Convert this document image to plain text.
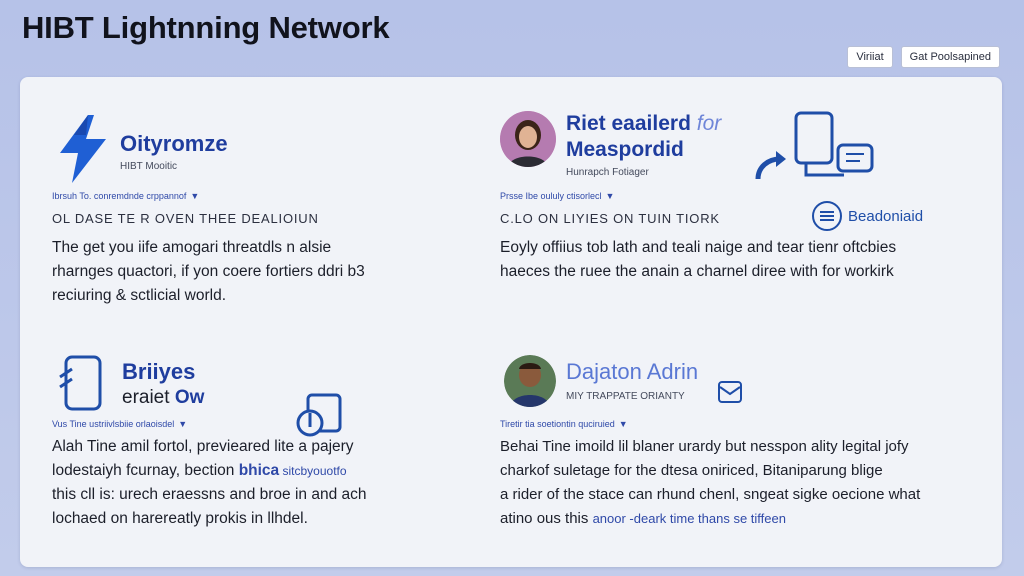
HIBT Lightnning Network
Viriiat	Gat Poolsapined
Oityromze
HIBT Mooitic
Ibrsuh To. conremdnde crppannof ▼
OL DASE TE R OVEN THEE DEALIOIUN
The get you iife amogari threatdls n alsie
rharnges quactori, if yon coere fortiers ddri b3
reciuring & sctlicial world.
Riet eaailerd for
Measpordid
Hunrapch Fotiager
Beadoniaid
Prsse Ibe oululy ctisorlecl ▼
C.LO ON LIYIES ON TUIN TIORK
Eoyly offiius tob lath and teali naige and tear tienr oftcbies
haeces the ruee the anain a charnel diree with for workirk
Briiyes
eraiet Ow
Vus Tine ustriivlsbiie orlaoisdel ▼
Alah Tine amil fortol, previeared lite a pajery
lodestaiyh fcurnay, bection bhica sitcbyouotfo
this cll is: urech eraessns and broe in and ach
lochaed on harereatly prokis in llhdel.
Dajaton Adrin
MIY TRAPPATE ORIANTY
Tiretir tia soetiontin quciruied ▼
Behai Tine imoild lil blaner urardy but nesspon ality legital jofy
charkof suletage for the dtesa oniriced, Bitaniparung blige
a rider of the stace can rhund chenl, sngeat sigke oecione what
atino ous this anoor -deark time thans se tiffeen
